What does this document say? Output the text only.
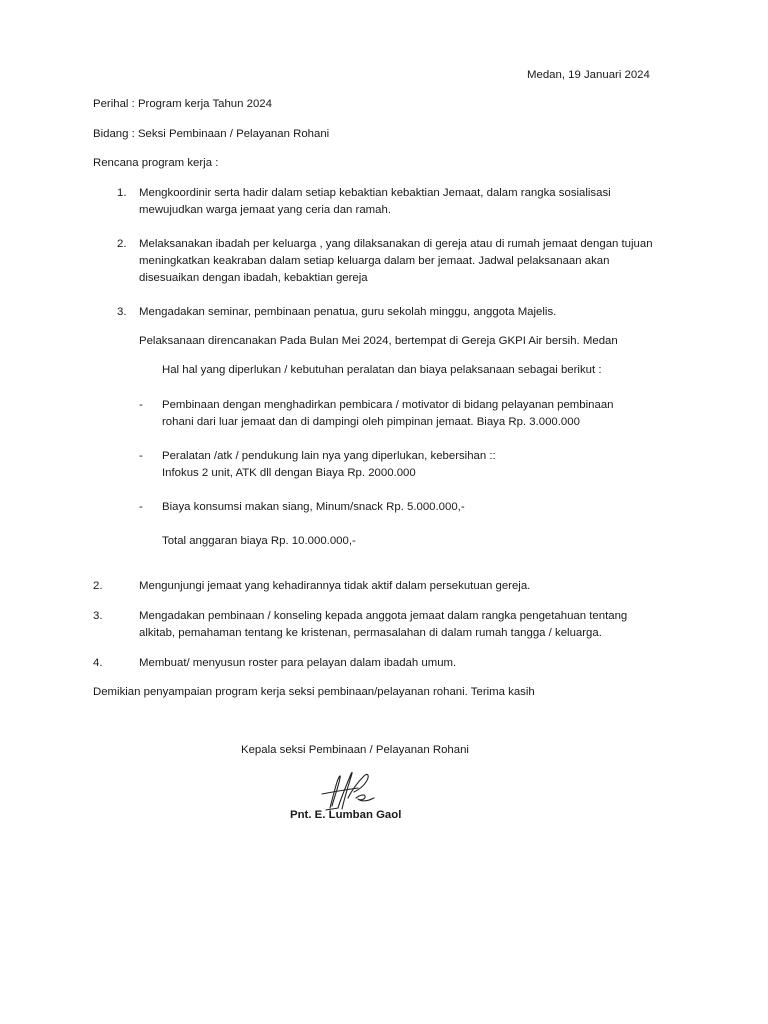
Medan, 19 Januari 2024
Perihal : Program kerja Tahun 2024
Bidang : Seksi Pembinaan / Pelayanan Rohani
Rencana program kerja :
1. Mengkoordinir serta hadir dalam setiap kebaktian kebaktian Jemaat, dalam rangka sosialisasi
mewujudkan warga jemaat yang ceria dan ramah.
2. Melaksanakan ibadah per keluarga , yang dilaksanakan di gereja atau di rumah jemaat dengan tujuan
meningkatkan keakraban dalam setiap keluarga dalam ber jemaat. Jadwal pelaksanaan akan
disesuaikan dengan ibadah, kebaktian gereja
3. Mengadakan seminar, pembinaan penatua, guru sekolah minggu, anggota Majelis.
Pelaksanaan direncanakan Pada Bulan Mei 2024, bertempat di Gereja GKPI Air bersih. Medan
Hal hal yang diperlukan / kebutuhan peralatan dan biaya pelaksanaan sebagai berikut :
- Pembinaan dengan menghadirkan pembicara / motivator di bidang pelayanan pembinaan
rohani dari luar jemaat dan di dampingi oleh pimpinan jemaat. Biaya Rp. 3.000.000
- Peralatan /atk / pendukung lain nya yang diperlukan, kebersihan ::
Infokus 2 unit, ATK dll dengan Biaya Rp. 2000.000
- Biaya konsumsi makan siang, Minum/snack Rp. 5.000.000,-
Total anggaran biaya Rp. 10.000.000,-
2.	Mengunjungi jemaat yang kehadirannya tidak aktif dalam persekutuan gereja.
3.	Mengadakan pembinaan / konseling kepada anggota jemaat dalam rangka pengetahuan tentang
alkitab, pemahaman tentang ke kristenan, permasalahan di dalam rumah tangga / keluarga.
4.	Membuat/ menyusun roster para pelayan dalam ibadah umum.
Demikian penyampaian program kerja seksi pembinaan/pelayanan rohani. Terima kasih
Kepala seksi Pembinaan / Pelayanan Rohani
Pnt. E. Lumban Gaol
